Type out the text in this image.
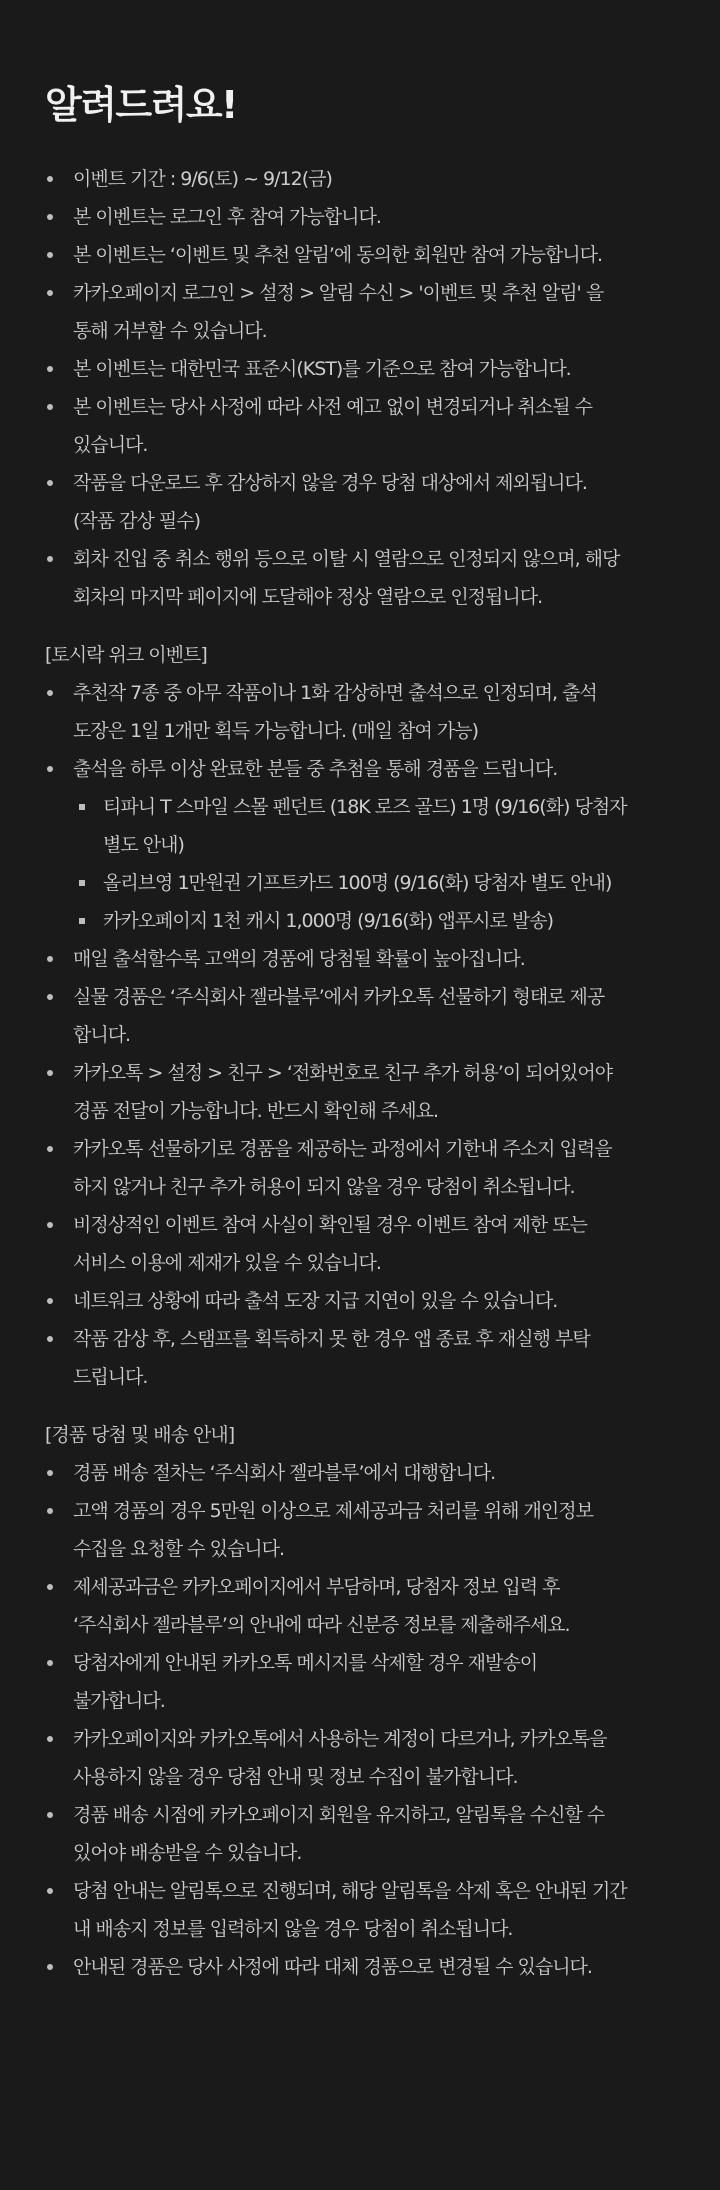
알려드려요!
이벤트 기간 : 9/6(토) ~ 9/12(금)
본 이벤트는 로그인 후 참여 가능합니다.
본 이벤트는 ‘이벤트 및 추천 알림’에 동의한 회원만 참여 가능합니다.
카카오페이지 로그인 > 설정 > 알림 수신 > '이벤트 및 추천 알림' 을
통해 거부할 수 있습니다.
본 이벤트는 대한민국 표준시(KST)를 기준으로 참여 가능합니다.
본 이벤트는 당사 사정에 따라 사전 예고 없이 변경되거나 취소될 수
있습니다.
작품을 다운로드 후 감상하지 않을 경우 당첨 대상에서 제외됩니다.
(작품 감상 필수)
회차 진입 중 취소 행위 등으로 이탈 시 열람으로 인정되지 않으며, 해당
회차의 마지막 페이지에 도달해야 정상 열람으로 인정됩니다.
[토시락 위크 이벤트]
추천작 7종 중 아무 작품이나 1화 감상하면 출석으로 인정되며, 출석
도장은 1일 1개만 획득 가능합니다. (매일 참여 가능)
출석을 하루 이상 완료한 분들 중 추첨을 통해 경품을 드립니다.
티파니 T 스마일 스몰 펜던트 (18K 로즈 골드) 1명 (9/16(화) 당첨자
별도 안내)
올리브영 1만원권 기프트카드 100명 (9/16(화) 당첨자 별도 안내)
카카오페이지 1천 캐시 1,000명 (9/16(화) 앱푸시로 발송)
매일 출석할수록 고액의 경품에 당첨될 확률이 높아집니다.
실물 경품은 ‘주식회사 젤라블루’에서 카카오톡 선물하기 형태로 제공
합니다.
카카오톡 > 설정 > 친구 > ‘전화번호로 친구 추가 허용’이 되어있어야
경품 전달이 가능합니다. 반드시 확인해 주세요.
카카오톡 선물하기로 경품을 제공하는 과정에서 기한내 주소지 입력을
하지 않거나 친구 추가 허용이 되지 않을 경우 당첨이 취소됩니다.
비정상적인 이벤트 참여 사실이 확인될 경우 이벤트 참여 제한 또는
서비스 이용에 제재가 있을 수 있습니다.
네트워크 상황에 따라 출석 도장 지급 지연이 있을 수 있습니다.
작품 감상 후, 스탬프를 획득하지 못 한 경우 앱 종료 후 재실행 부탁
드립니다.
[경품 당첨 및 배송 안내]
경품 배송 절차는 ‘주식회사 젤라블루’에서 대행합니다.
고액 경품의 경우 5만원 이상으로 제세공과금 처리를 위해 개인정보
수집을 요청할 수 있습니다.
제세공과금은 카카오페이지에서 부담하며, 당첨자 정보 입력 후
‘주식회사 젤라블루’의 안내에 따라 신분증 정보를 제출해주세요.
당첨자에게 안내된 카카오톡 메시지를 삭제할 경우 재발송이
불가합니다.
카카오페이지와 카카오톡에서 사용하는 계정이 다르거나, 카카오톡을
사용하지 않을 경우 당첨 안내 및 정보 수집이 불가합니다.
경품 배송 시점에 카카오페이지 회원을 유지하고, 알림톡을 수신할 수
있어야 배송받을 수 있습니다.
당첨 안내는 알림톡으로 진행되며, 해당 알림톡을 삭제 혹은 안내된 기간
내 배송지 정보를 입력하지 않을 경우 당첨이 취소됩니다.
안내된 경품은 당사 사정에 따라 대체 경품으로 변경될 수 있습니다.
